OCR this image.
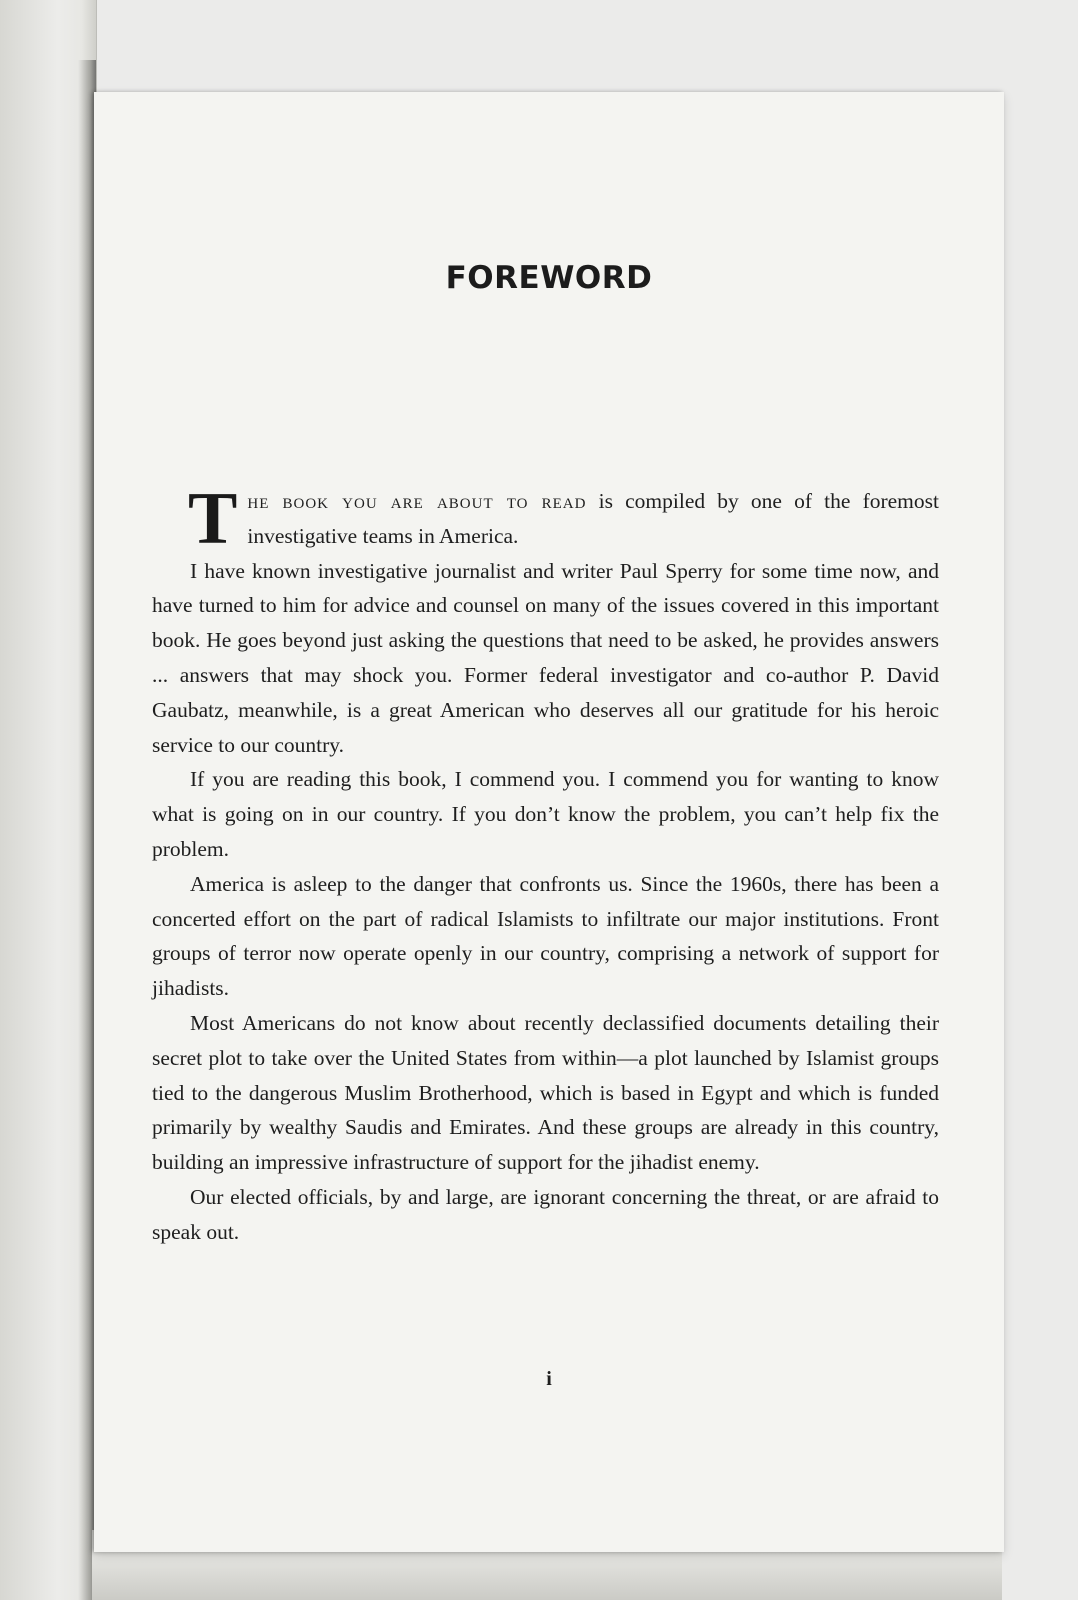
FOREWORD

The book you are about to read is compiled by one of the foremost investigative teams in America.

I have known investigative journalist and writer Paul Sperry for some time now, and have turned to him for advice and counsel on many of the issues covered in this important book. He goes beyond just asking the questions that need to be asked, he provides answers ... answers that may shock you. Former federal investigator and co-author P. David Gaubatz, meanwhile, is a great American who deserves all our gratitude for his heroic service to our country.

If you are reading this book, I commend you. I commend you for wanting to know what is going on in our country. If you don’t know the problem, you can’t help fix the problem.

America is asleep to the danger that confronts us. Since the 1960s, there has been a concerted effort on the part of radical Islamists to infiltrate our major institutions. Front groups of terror now operate openly in our country, comprising a network of support for jihadists.

Most Americans do not know about recently declassified documents detailing their secret plot to take over the United States from within—a plot launched by Islamist groups tied to the dangerous Muslim Brotherhood, which is based in Egypt and which is funded primarily by wealthy Saudis and Emirates. And these groups are already in this country, building an impressive infrastructure of support for the jihadist enemy.

Our elected officials, by and large, are ignorant concerning the threat, or are afraid to speak out.

i
